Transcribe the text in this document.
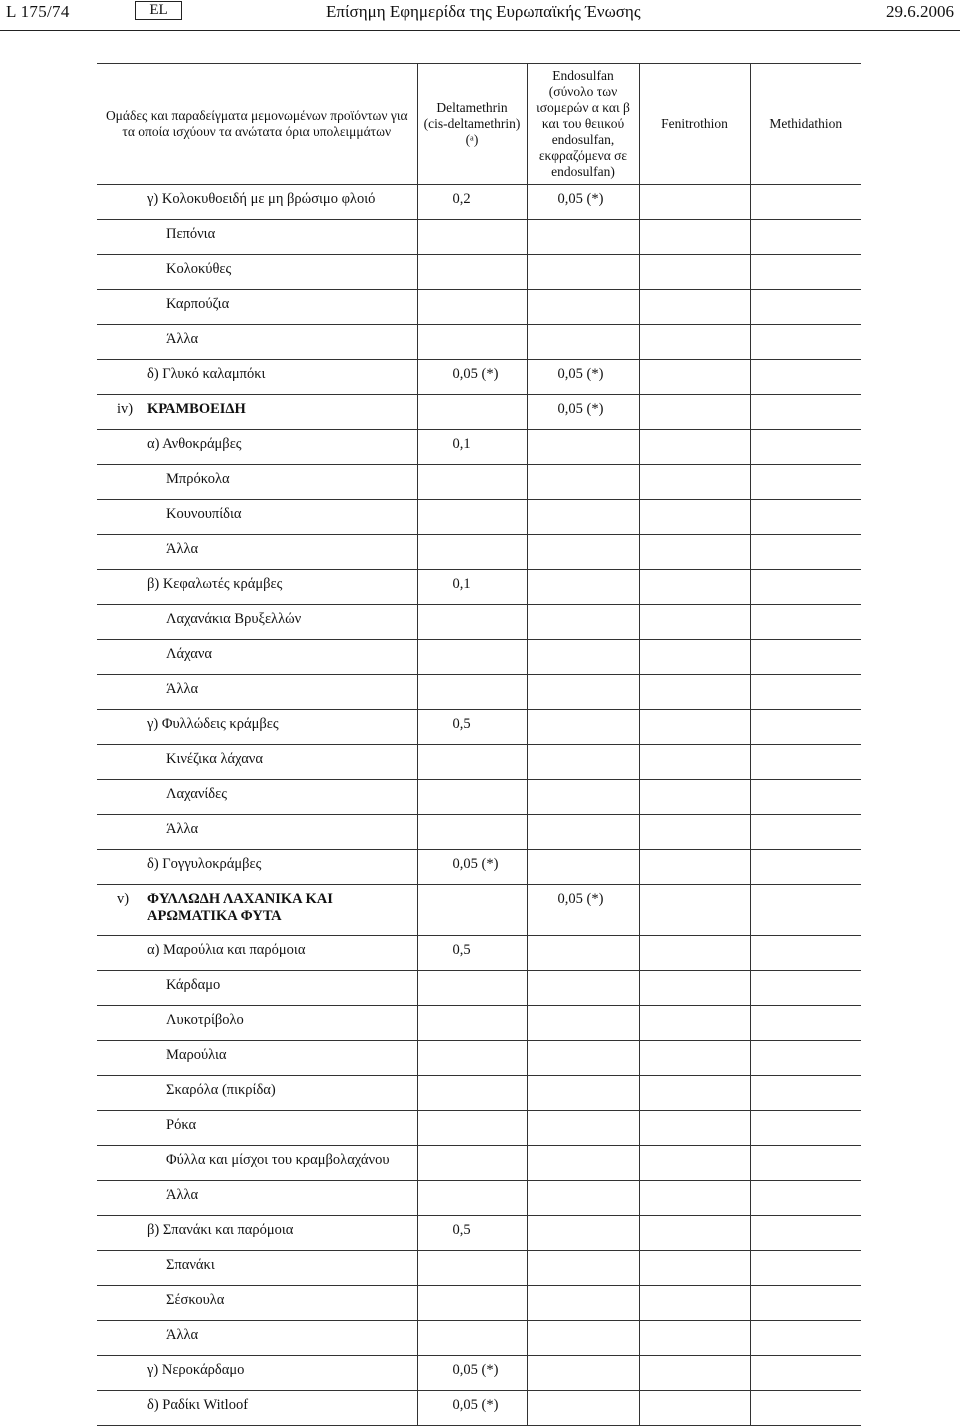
L 175/74	EL	Επίσημη Εφημερίδα της Ευρωπαϊκής Ένωσης	29.6.2006
Ομάδες και παραδείγματα μεμονωμένων προϊόντων για τα οποία ισχύουν τα ανώτατα όρια υπολειμμάτων	Deltamethrin (cis-deltamethrin) (ᵃ)	Endosulfan (σύνολο των ισομερών α και β και του θειικού endosulfan, εκφραζόμενα σε endosulfan)	Fenitrothion	Methidathion

γ) Κολοκυθοειδή με μη βρώσιμο φλοιό	0,2	0,05 (*)		

Πεπόνια				

Κολοκύθες				

Καρπούζια				

Άλλα				

δ) Γλυκό καλαμπόκι	0,05 (*)	0,05 (*)		

iv) ΚΡΑΜΒΟΕΙΔΗ		0,05 (*)		

α) Ανθοκράμβες	0,1			

Μπρόκολα				

Κουνουπίδια				

Άλλα				

β) Κεφαλωτές κράμβες	0,1			

Λαχανάκια Βρυξελλών				

Λάχανα				

Άλλα				

γ) Φυλλώδεις κράμβες	0,5			

Κινέζικα λάχανα				

Λαχανίδες				

Άλλα				

δ) Γογγυλοκράμβες	0,05 (*)			

v) ΦΥΛΛΩΔΗ ΛΑΧΑΝΙΚΑ ΚΑΙ
ΑΡΩΜΑΤΙΚΑ ΦΥΤΑ		0,05 (*)		

α) Μαρούλια και παρόμοια	0,5			

Κάρδαμο				

Λυκοτρίβολο				

Μαρούλια				

Σκαρόλα (πικρίδα)				

Ρόκα				

Φύλλα και μίσχοι του κραμβολαχάνου				

Άλλα				

β) Σπανάκι και παρόμοια	0,5			

Σπανάκι				

Σέσκουλα				

Άλλα				

γ) Νεροκάρδαμο	0,05 (*)			

δ) Ραδίκι Witloof	0,05 (*)			
